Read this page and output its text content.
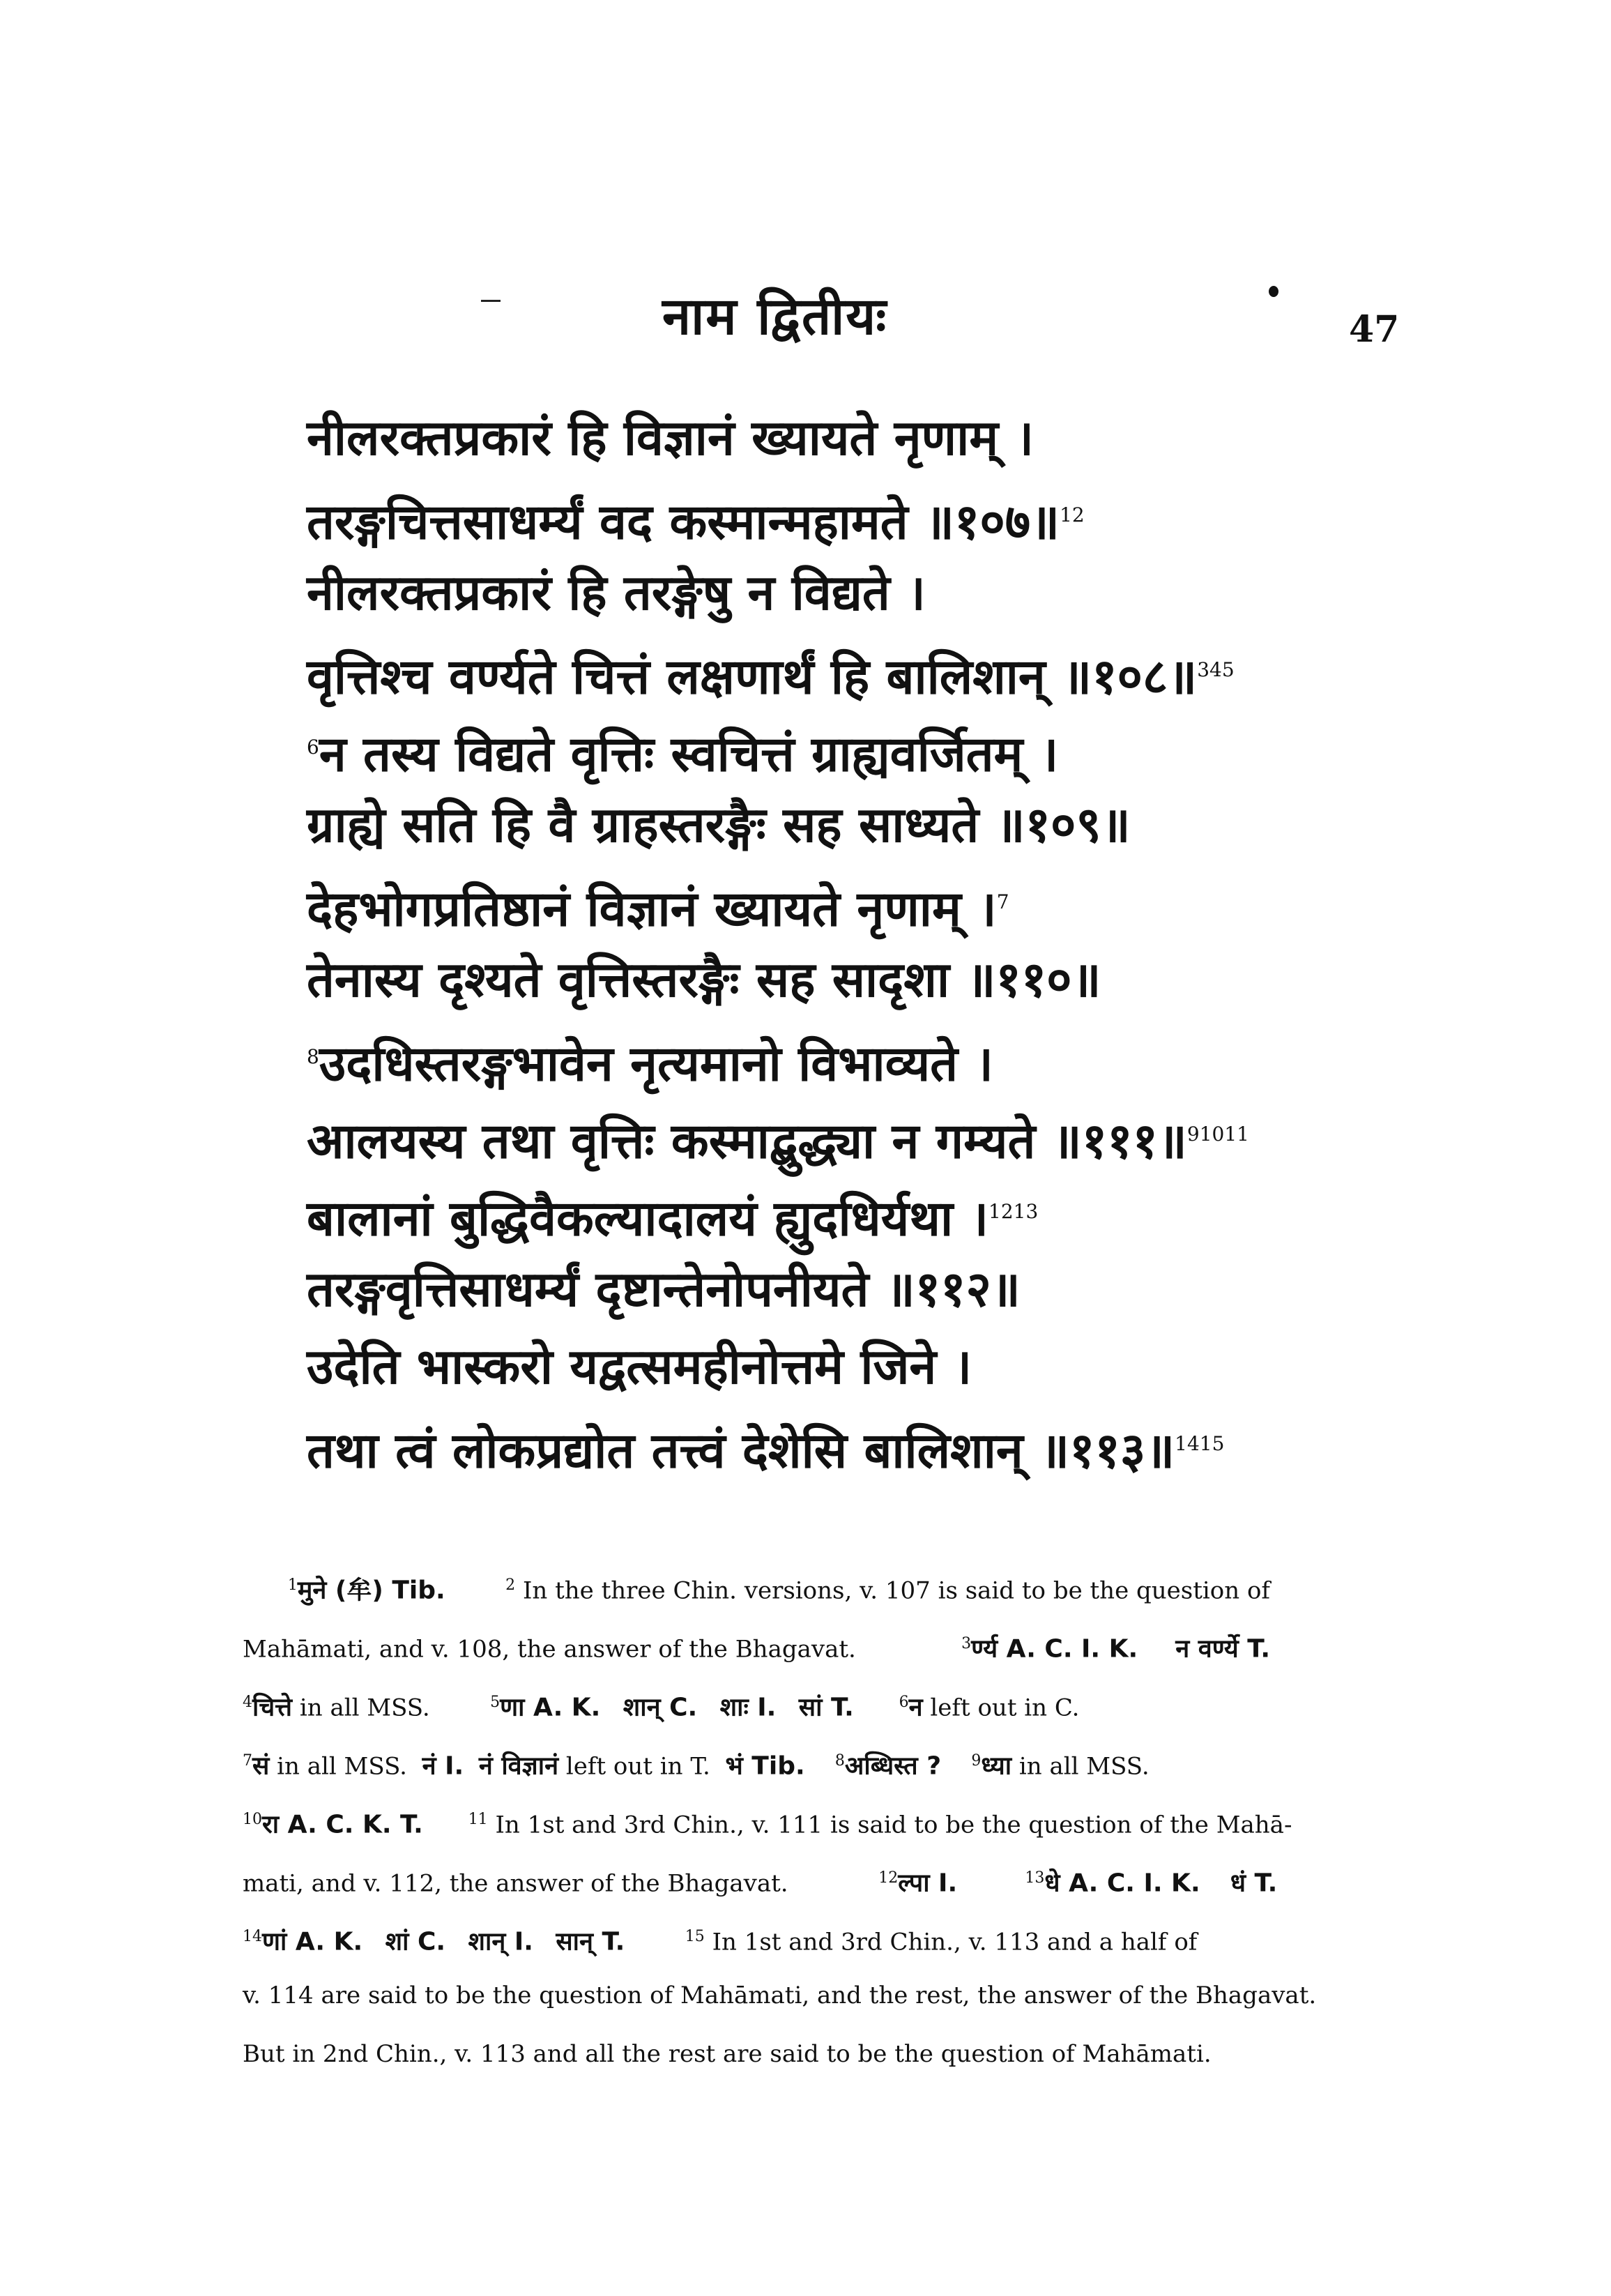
नाम द्वितीयः	47
नीलरक्तप्रकारं हि विज्ञानं ख्यायते नृणाम् ।
तरङ्गचित्तसाधर्म्यं वद कस्मान्महामते ॥१०७॥$^{12}$
नीलरक्तप्रकारं हि तरङ्गेषु न विद्यते ।
वृत्तिश्च वर्ण्यते चित्तं लक्षणार्थं हि बालिशान् ॥१०८॥$^{345}$
$^6$न तस्य विद्यते वृत्तिः स्वचित्तं ग्राह्यवर्जितम् ।
ग्राह्ये सति हि वै ग्राहस्तरङ्गैः सह साध्यते ॥१०९॥
देहभोगप्रतिष्ठानं विज्ञानं ख्यायते नृणाम् ।$^7$
तेनास्य दृश्यते वृत्तिस्तरङ्गैः सह सादृशा ॥११०॥
$^8$उदधिस्तरङ्गभावेन नृत्यमानो विभाव्यते ।
आलयस्य तथा वृत्तिः कस्माद्बुद्ध्या न गम्यते ॥१११॥$^{91011}$
बालानां बुद्धिवैकल्यादालयं ह्युदधिर्यथा ।$^{1213}$
तरङ्गवृत्तिसाधर्म्यं दृष्टान्तेनोपनीयते ॥११२॥
उदेति भास्करो यद्वत्समहीनोत्तमे जिने ।
तथा त्वं लोकप्रद्योत तत्त्वं देशेसि बालिशान् ॥११३॥$^{1415}$
$^1$मुने (牟) Tib.	$^2$ In the three Chin. versions, v. 107 is said to be the question of
Mahāmati, and v. 108, the answer of the Bhagavat.	$^3$र्ण्य A. C. I. K. न वर्ण्ये T.
$^4$चित्ते in all MSS.	$^5$णा A. K. शान् C. शाः I. सां T.	$^6$न left out in C.
$^7$सं in all MSS. नं I. नं विज्ञानं left out in T. भं Tib. $^8$अब्धिस्त ? $^9$ध्या in all MSS.
$^{10}$रा A. C. K. T.	$^{11}$ In 1st and 3rd Chin., v. 111 is said to be the question of the Mahā-
mati, and v. 112, the answer of the Bhagavat.	$^{12}$ल्पा I.	$^{13}$धे A. C. I. K. धं T.
$^{14}$णां A. K. शां C. शान् I. सान् T.	$^{15}$ In 1st and 3rd Chin., v. 113 and a half of
v. 114 are said to be the question of Mahāmati, and the rest, the answer of the Bhagavat.
But in 2nd Chin., v. 113 and all the rest are said to be the question of Mahāmati.
